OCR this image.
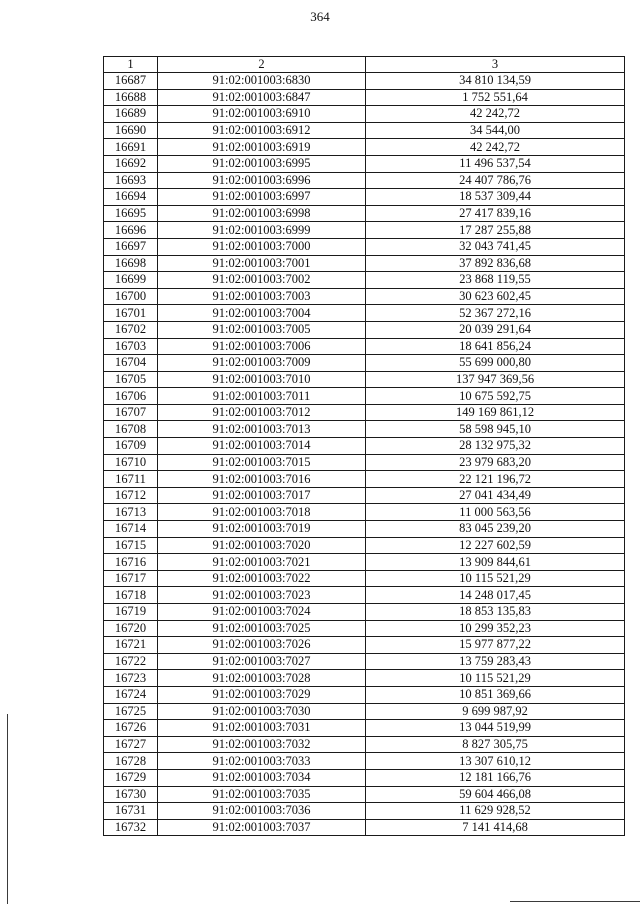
364
1	2	3
16687	91:02:001003:6830	34 810 134,59
16688	91:02:001003:6847	1 752 551,64
16689	91:02:001003:6910	42 242,72
16690	91:02:001003:6912	34 544,00
16691	91:02:001003:6919	42 242,72
16692	91:02:001003:6995	11 496 537,54
16693	91:02:001003:6996	24 407 786,76
16694	91:02:001003:6997	18 537 309,44
16695	91:02:001003:6998	27 417 839,16
16696	91:02:001003:6999	17 287 255,88
16697	91:02:001003:7000	32 043 741,45
16698	91:02:001003:7001	37 892 836,68
16699	91:02:001003:7002	23 868 119,55
16700	91:02:001003:7003	30 623 602,45
16701	91:02:001003:7004	52 367 272,16
16702	91:02:001003:7005	20 039 291,64
16703	91:02:001003:7006	18 641 856,24
16704	91:02:001003:7009	55 699 000,80
16705	91:02:001003:7010	137 947 369,56
16706	91:02:001003:7011	10 675 592,75
16707	91:02:001003:7012	149 169 861,12
16708	91:02:001003:7013	58 598 945,10
16709	91:02:001003:7014	28 132 975,32
16710	91:02:001003:7015	23 979 683,20
16711	91:02:001003:7016	22 121 196,72
16712	91:02:001003:7017	27 041 434,49
16713	91:02:001003:7018	11 000 563,56
16714	91:02:001003:7019	83 045 239,20
16715	91:02:001003:7020	12 227 602,59
16716	91:02:001003:7021	13 909 844,61
16717	91:02:001003:7022	10 115 521,29
16718	91:02:001003:7023	14 248 017,45
16719	91:02:001003:7024	18 853 135,83
16720	91:02:001003:7025	10 299 352,23
16721	91:02:001003:7026	15 977 877,22
16722	91:02:001003:7027	13 759 283,43
16723	91:02:001003:7028	10 115 521,29
16724	91:02:001003:7029	10 851 369,66
16725	91:02:001003:7030	9 699 987,92
16726	91:02:001003:7031	13 044 519,99
16727	91:02:001003:7032	8 827 305,75
16728	91:02:001003:7033	13 307 610,12
16729	91:02:001003:7034	12 181 166,76
16730	91:02:001003:7035	59 604 466,08
16731	91:02:001003:7036	11 629 928,52
16732	91:02:001003:7037	7 141 414,68
